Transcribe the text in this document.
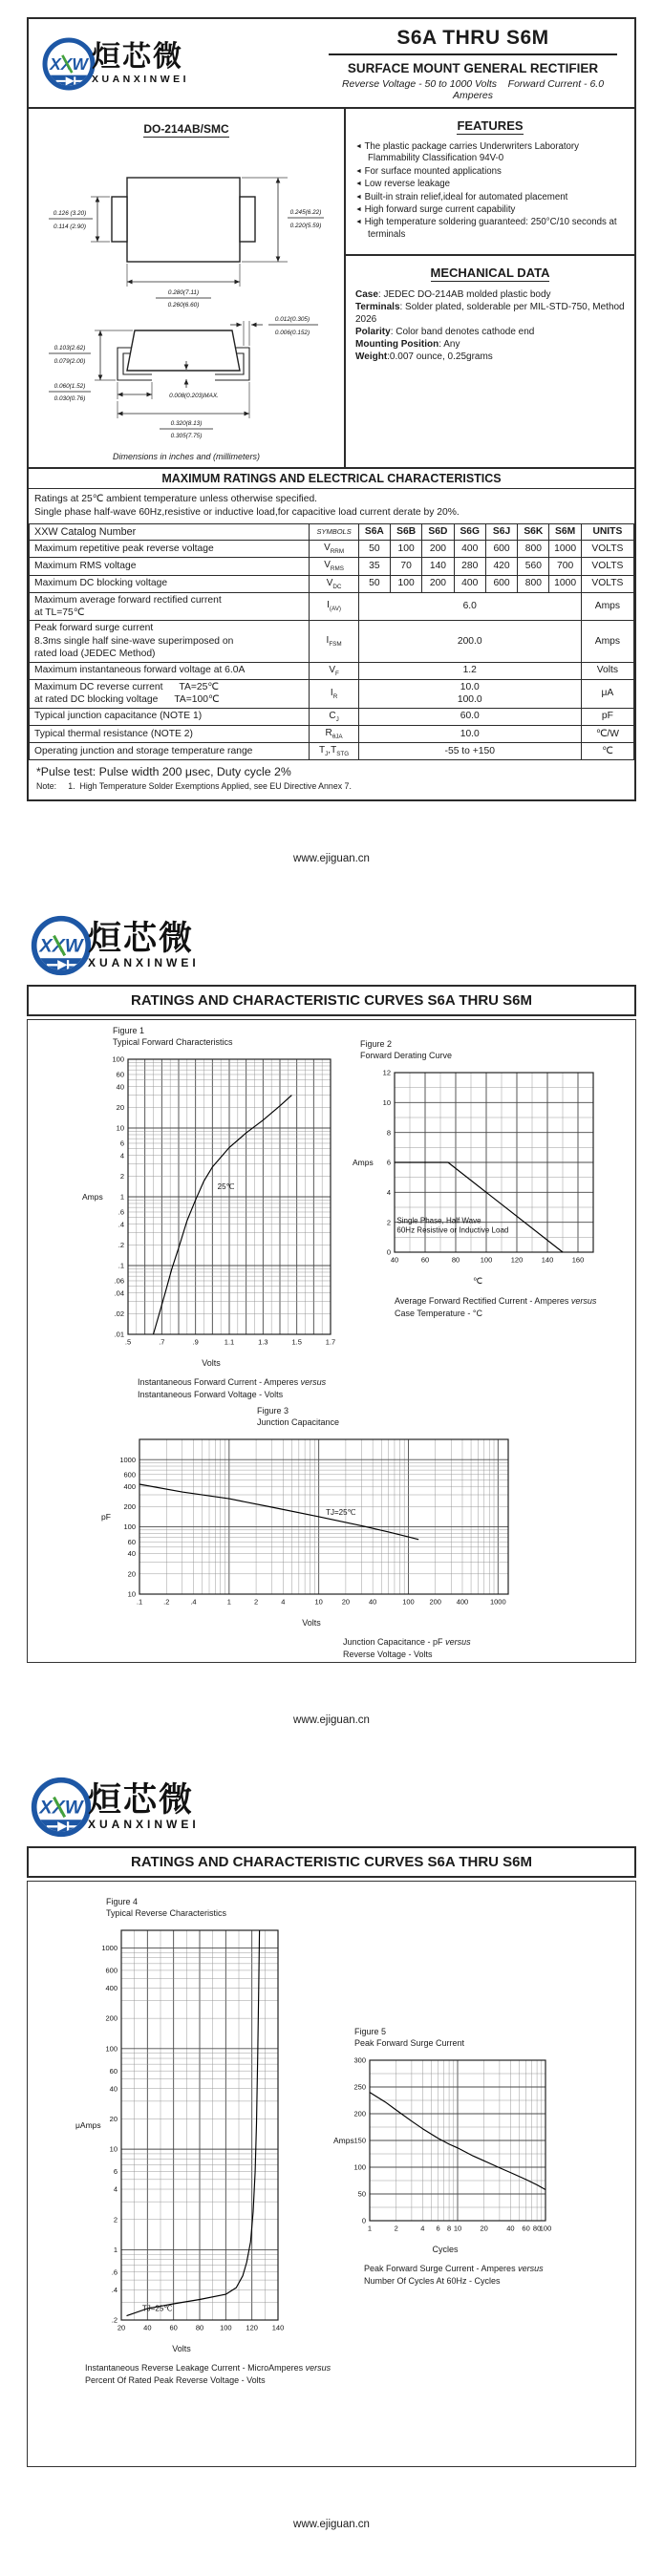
XXW 烜芯微
XUANXINWEI
S6A THRU S6M
SURFACE MOUNT GENERAL RECTIFIER
Reverse Voltage - 50 to 1000 Volts    Forward Current - 6.0 Amperes
DO-214AB/SMC
0.126 (3.20)
0.114 (2.90)
0.245(6.22)
0.220(5.59)
0.280(7.11)
0.260(6.60)
0.012(0.305)
0.006(0.152)
0.103(2.62)
0.079(2.00)
0.060(1.52)
0.030(0.76)	0.008(0.203)MAX.
0.320(8.13)
0.305(7.75)
Dimensions in inches and (millimeters)
FEATURES
◄ The plastic package carries Underwriters Laboratory Flammability Classification 94V-0
◄ For surface mounted applications
◄ Low reverse leakage
◄ Built-in strain relief,ideal for automated placement
◄ High forward surge current capability
◄ High temperature soldering guaranteed: 250°C/10 seconds at terminals
MECHANICAL DATA
Case: JEDEC DO-214AB molded plastic body
Terminals: Solder plated, solderable per MIL-STD-750, Method 2026
Polarity: Color band denotes cathode end
Mounting Position: Any
Weight:0.007 ounce, 0.25grams
MAXIMUM RATINGS AND ELECTRICAL CHARACTERISTICS
Ratings at 25℃ ambient temperature unless otherwise specified.
Single phase half-wave 60Hz,resistive or inductive load,for capacitive load current derate by 20%.
XXW Catalog Number	SYMBOLS	S6A	S6B	S6D	S6G	S6J	S6K	S6M	UNITS
Maximum repetitive peak reverse voltage	$V_{RRM}$	50	100	200	400	600	800	1000	VOLTS
Maximum RMS voltage	$V_{RMS}$	35	70	140	280	420	560	700	VOLTS
Maximum DC blocking voltage	$V_{DC}$	50	100	200	400	600	800	1000	VOLTS
Maximum average forward rectified current
at TL=75℃	$I_{(AV)}$	6.0							Amps
Peak forward surge current
8.3ms single half sine-wave superimposed on
rated load (JEDEC Method)	$I_{FSM}$	200.0							Amps
Maximum instantaneous forward voltage at 6.0A	$V_F$	1.2							Volts
Maximum DC reverse current      TA=25℃
at rated DC blocking voltage      TA=100℃	$I_R$	10.0
100.0							μA
Typical junction capacitance (NOTE 1)	$C_J$	60.0							pF
Typical thermal resistance (NOTE 2)	$R_{\theta JA}$	10.0							℃/W
Operating junction and storage temperature range	$T_J,T_{STG}$	-55 to +150							℃
*Pulse test: Pulse width 200 μsec, Duty cycle 2%
Note:     1.  High Temperature Solder Exemptions Applied, see EU Directive Annex 7.
www.ejiguan.cn
XXW 烜芯微
XUANXINWEI
RATINGS AND CHARACTERISTIC CURVES S6A THRU S6M
Figure 1
Typical Forward Characteristics
25℃
.5	.7	.9	1.1	1.3	1.5	1.7
100
60
40
20
10
6
4
2
1
.6
.4
.2
.1
.06
.04
.02
.01
Amps
Volts
Instantaneous Forward Current - Amperes versus
Instantaneous Forward Voltage - Volts
Figure 2
Forward Derating Curve
Single Phase, Half Wave 60Hz Resistive or Inductive Load
40	60	80	100	120	140	160
0
2
4
6
8
10
12
Amps
℃
Average Forward Rectified Current - Amperes versus
Case Temperature - °C
Figure 3
Junction Capacitance
TJ=25℃
.1	.2	.4	1	2	4	10	20	40	100 200 400	1000
1000
600
400
200
100
60
40
20
10
pF
Volts
Junction Capacitance - pF versus
Reverse Voltage - Volts
www.ejiguan.cn
XXW 烜芯微
XUANXINWEI
RATINGS AND CHARACTERISTIC CURVES S6A THRU S6M
Figure 4
Typical Reverse Characteristics
TJ=25℃
20	40	60	80 100 120 140
1000
600
400
200
100
60
40
20
10
6
4
2
1
.6
.4
.2
μAmps
Volts
Instantaneous Reverse Leakage Current - MicroAmperes versus
Percent Of Rated Peak Reverse Voltage - Volts
Figure 5
Peak Forward Surge Current
1	2	4 6 8 10	20	40 60 80
100
0
50
100
150
200
250
300
Amps
Cycles
Peak Forward Surge Current - Amperes versus
Number Of Cycles At 60Hz - Cycles
www.ejiguan.cn
